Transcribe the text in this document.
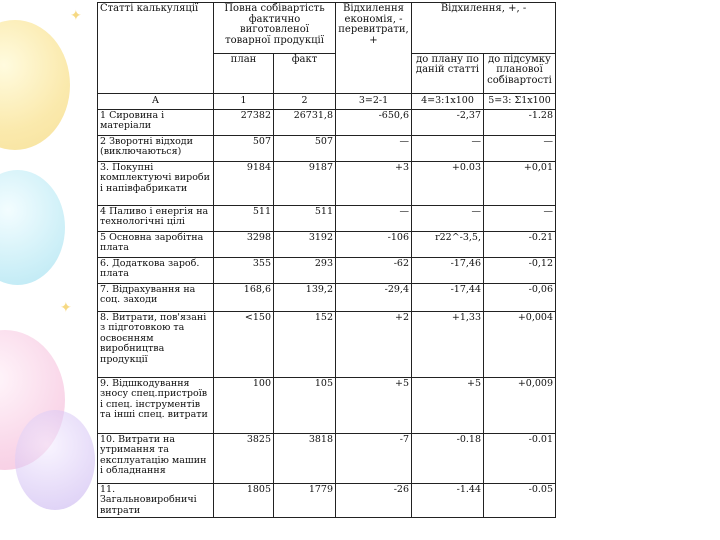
✦
✦
Статті калькуляції	Повна собівартість фактично виготовленої товарної продукції		Відхилення економія, - перевитрати, +	Відхилення, +, -	
	план	факт		до плану по даній статті	до підсумку планової собівартості
А	1	2	3=2-1	4=3:1х100	5=3: Σ1х100
1 Сировина і матеріали	27382	26731,8	-650,6	-2,37	-1.28
2 Зворотні відходи (виключаються)	507	507	—	—	—
3. Покупні комплектуючі вироби і напівфабрикати	9184	9187	+3	+0.03	+0,01
4 Паливо і енергія на технологічні цілі	511	511	—	—	—
5 Основна заробітна плата	3298	3192	-106	r22^-3,5,	-0.21
6. Додаткова зароб. плата	355	293	-62	-17,46	-0,12
7. Відрахування на соц. заходи	168,6	139,2	-29,4	-17,44	-0,06
8. Витрати, пов'язані з підготовкою та освоєнням виробництва продукції	<150	152	+2	+1,33	+0,004
9. Відшкодування зносу спец.пристроїв і спец. інструментів та інші спец. витрати	100	105	+5	+5	+0,009
10. Витрати на утримання та експлуатацію машин і обладнання	3825	3818	-7	-0.18	-0.01
11. Загальновиробничі витрати	1805	1779	-26	-1.44	-0.05
